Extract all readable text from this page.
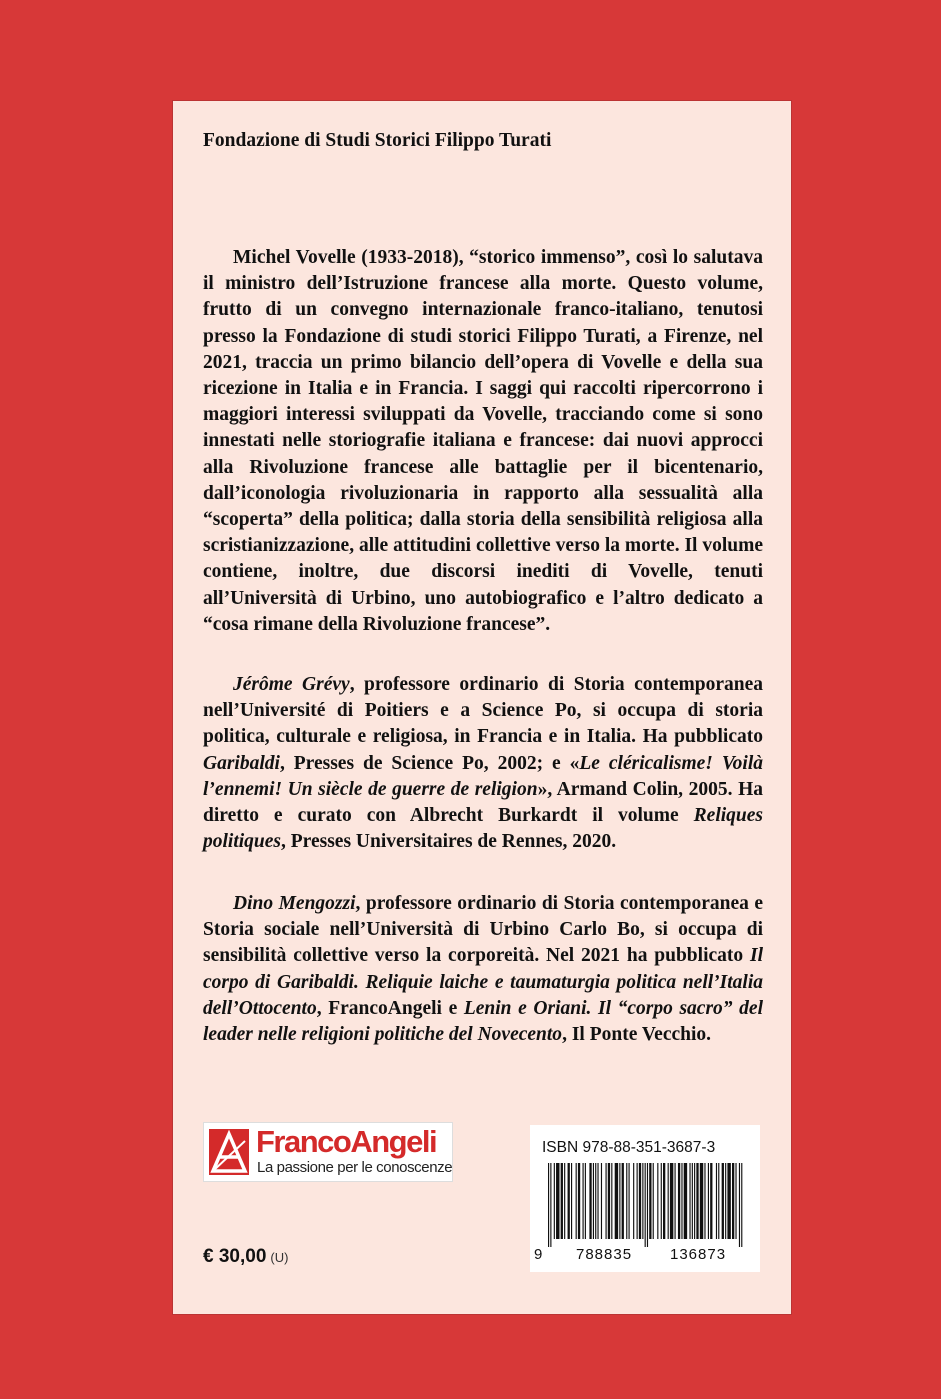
Fondazione di Studi Storici Filippo Turati

Michel Vovelle (1933-2018), “storico immenso”, così lo salutava il ministro dell’Istruzione francese alla morte. Questo volume, frutto di un convegno internazionale franco-italiano, tenutosi presso la Fondazione di studi storici Filippo Turati, a Firenze, nel 2021, traccia un primo bilancio dell’opera di Vovelle e della sua ricezione in Italia e in Francia. I saggi qui raccolti ripercorrono i maggiori interessi sviluppati da Vovelle, tracciando come si sono innestati nelle storiografie italiana e francese: dai nuovi approcci alla Rivoluzione francese alle battaglie per il bicentenario, dall’iconologia rivoluzionaria in rapporto alla sessualità alla “scoperta” della politica; dalla storia della sensibilità religiosa alla scristianizzazione, alle attitudini collettive verso la morte. Il volume contiene, inoltre, due discorsi inediti di Vovelle, tenuti all’Università di Urbino, uno autobiografico e l’altro dedicato a “cosa rimane della Rivoluzione francese”.

Jérôme Grévy, professore ordinario di Storia contemporanea nell’Université di Poitiers e a Science Po, si occupa di storia politica, culturale e religiosa, in Francia e in Italia. Ha pubblicato Garibaldi, Presses de Science Po, 2002; e «Le cléricalisme! Voilà l’ennemi! Un siècle de guerre de religion», Armand Colin, 2005. Ha diretto e curato con Albrecht Burkardt il volume Reliques politiques, Presses Universitaires de Rennes, 2020.

Dino Mengozzi, professore ordinario di Storia contemporanea e Storia sociale nell’Università di Urbino Carlo Bo, si occupa di sensibilità collettive verso la corporeità. Nel 2021 ha pubblicato Il corpo di Garibaldi. Reliquie laiche e taumaturgia politica nell’Italia dell’Ottocento, FrancoAngeli e Lenin e Oriani. Il “corpo sacro” del leader nelle religioni politiche del Novecento, Il Ponte Vecchio.

FrancoAngeli
La passione per le conoscenze
ISBN 978-88-351-3687-3
9 788835	136873
€ 30,00 (U)
